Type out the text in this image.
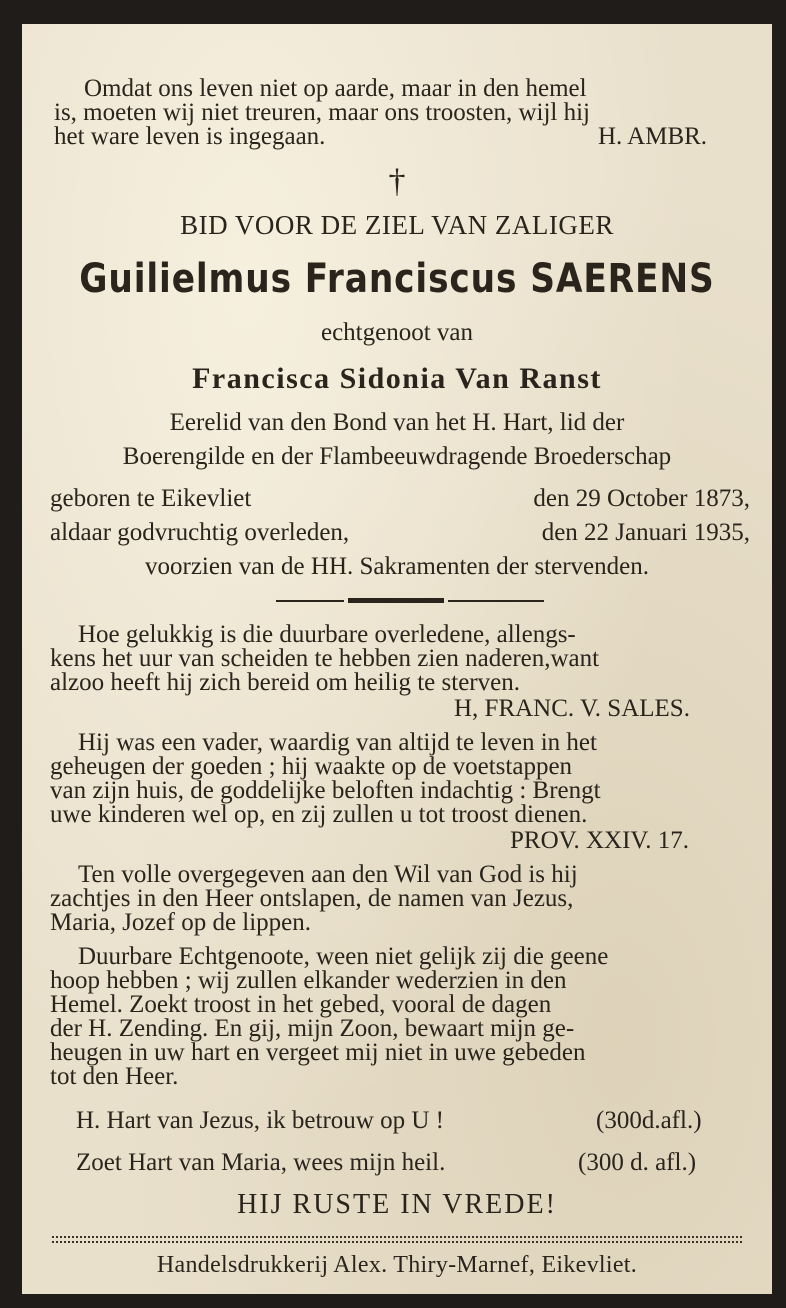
Omdat ons leven niet op aarde, maar in den hemel
is, moeten wij niet treuren, maar ons troosten, wijl hij
het ware leven is ingegaan.	H. AMBR.
†
BID VOOR DE ZIEL VAN ZALIGER
Guilielmus Franciscus SAERENS
echtgenoot van
Francisca Sidonia Van Ranst
Eerelid van den Bond van het H. Hart, lid der
Boerengilde en der Flambeeuwdragende Broederschap
geboren te Eikevliet	den 29 October 1873,
aldaar godvruchtig overleden,	den 22 Januari 1935,
voorzien van de HH. Sakramenten der stervenden.
Hoe gelukkig is die duurbare overledene, allengs-
kens het uur van scheiden te hebben zien naderen,want
alzoo heeft hij zich bereid om heilig te sterven.
H, FRANC. V. SALES.
Hij was een vader, waardig van altijd te leven in het
geheugen der goeden ; hij waakte op de voetstappen
van zijn huis, de goddelijke beloften indachtig : Brengt
uwe kinderen wel op, en zij zullen u tot troost dienen.
PROV. XXIV. 17.
Ten volle overgegeven aan den Wil van God is hij
zachtjes in den Heer ontslapen, de namen van Jezus,
Maria, Jozef op de lippen.
Duurbare Echtgenoote, ween niet gelijk zij die geene
hoop hebben ; wij zullen elkander wederzien in den
Hemel. Zoekt troost in het gebed, vooral de dagen
der H. Zending. En gij, mijn Zoon, bewaart mijn ge-
heugen in uw hart en vergeet mij niet in uwe gebeden
tot den Heer.
H. Hart van Jezus, ik betrouw op U !	(300d.afl.)
Zoet Hart van Maria, wees mijn heil.	(300 d. afl.)
HIJ RUSTE IN VREDE!
Handelsdrukkerij Alex. Thiry-Marnef, Eikevliet.
